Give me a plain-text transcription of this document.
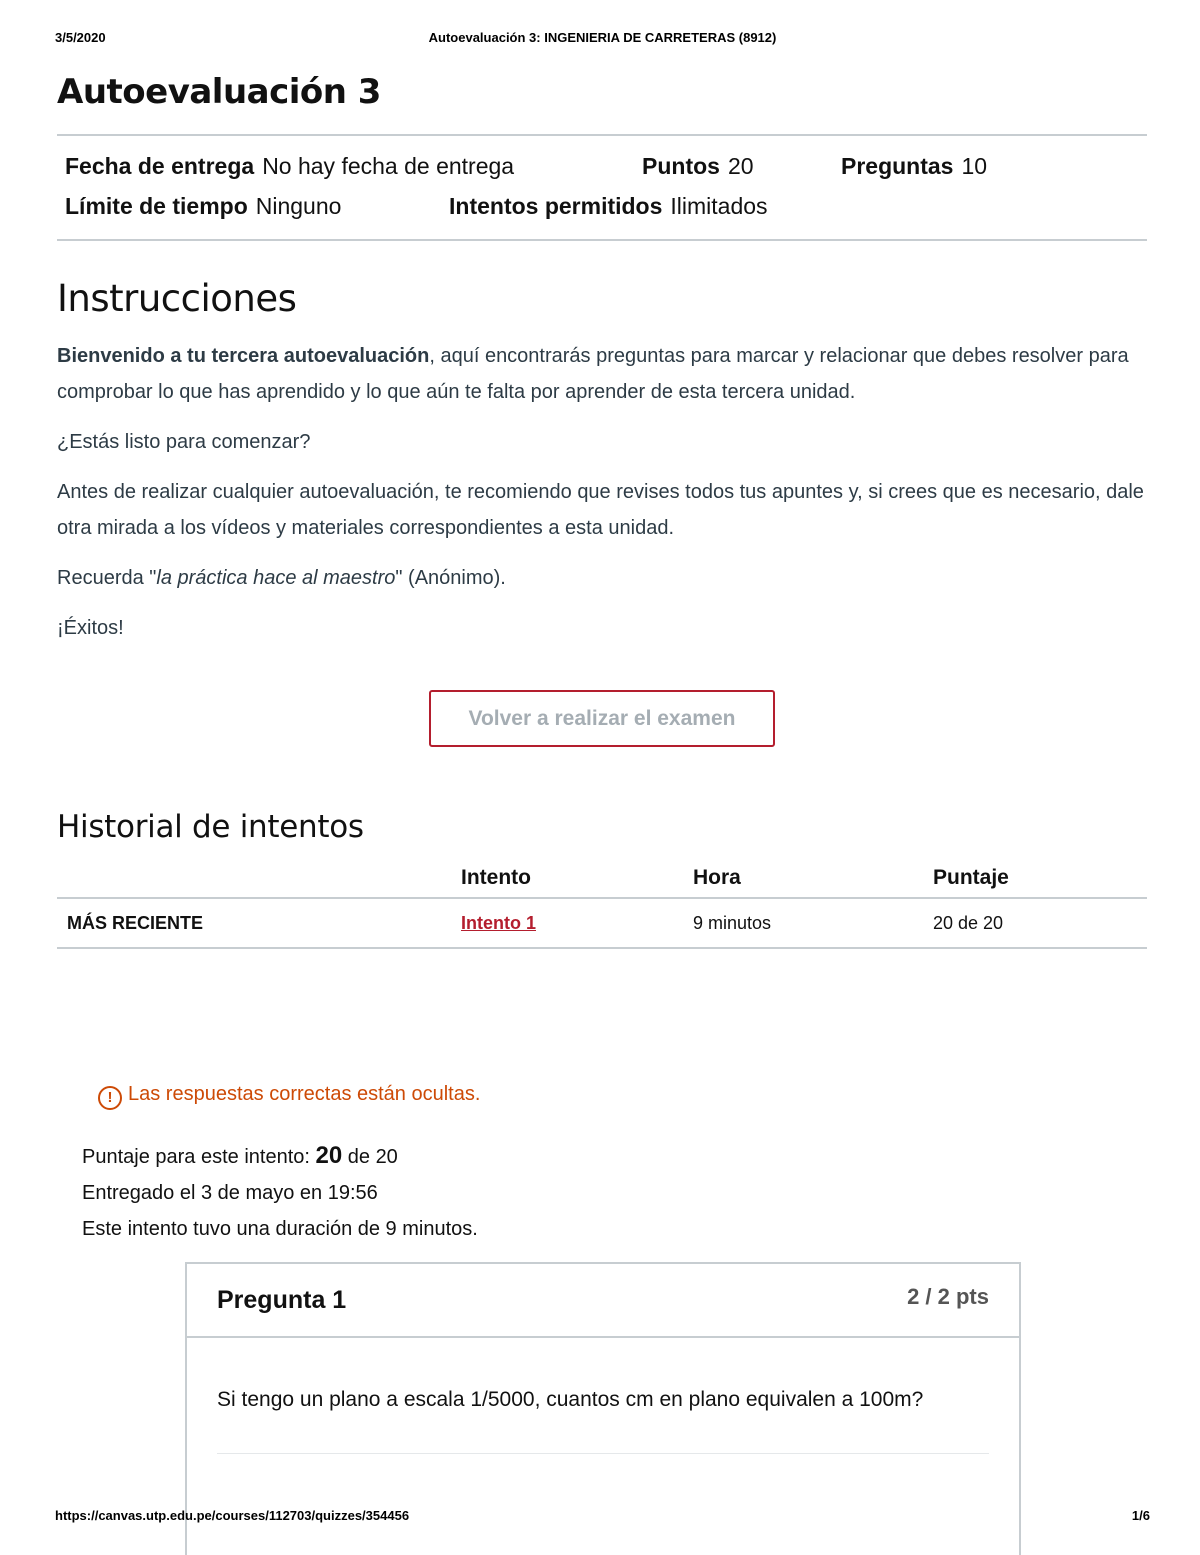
3/5/2020	Autoevaluación 3: INGENIERIA DE CARRETERAS (8912)
Autoevaluación 3
Fecha de entrega No hay fecha de entrega	Puntos 20	Preguntas 10
Límite de tiempo Ninguno	Intentos permitidos Ilimitados
Instrucciones

Bienvenido a tu tercera autoevaluación, aquí encontrarás preguntas para marcar y relacionar que debes resolver para comprobar lo que has aprendido y lo que aún te falta por aprender de esta tercera unidad.

¿Estás listo para comenzar?

Antes de realizar cualquier autoevaluación, te recomiendo que revises todos tus apuntes y, si crees que es necesario, dale otra mirada a los vídeos y materiales correspondientes a esta unidad.

Recuerda "la práctica hace al maestro" (Anónimo).

¡Éxitos!

Volver a realizar el examen
Historial de intentos
	Intento	Hora	Puntaje
MÁS RECIENTE	Intento 1	9 minutos	20 de 20
! Las respuestas correctas están ocultas.
Puntaje para este intento: 20 de 20
Entregado el 3 de mayo en 19:56
Este intento tuvo una duración de 9 minutos.
Pregunta 1	2 / 2 pts
Si tengo un plano a escala 1/5000, cuantos cm en plano equivalen a 100m?
https://canvas.utp.edu.pe/courses/112703/quizzes/354456	1/6
